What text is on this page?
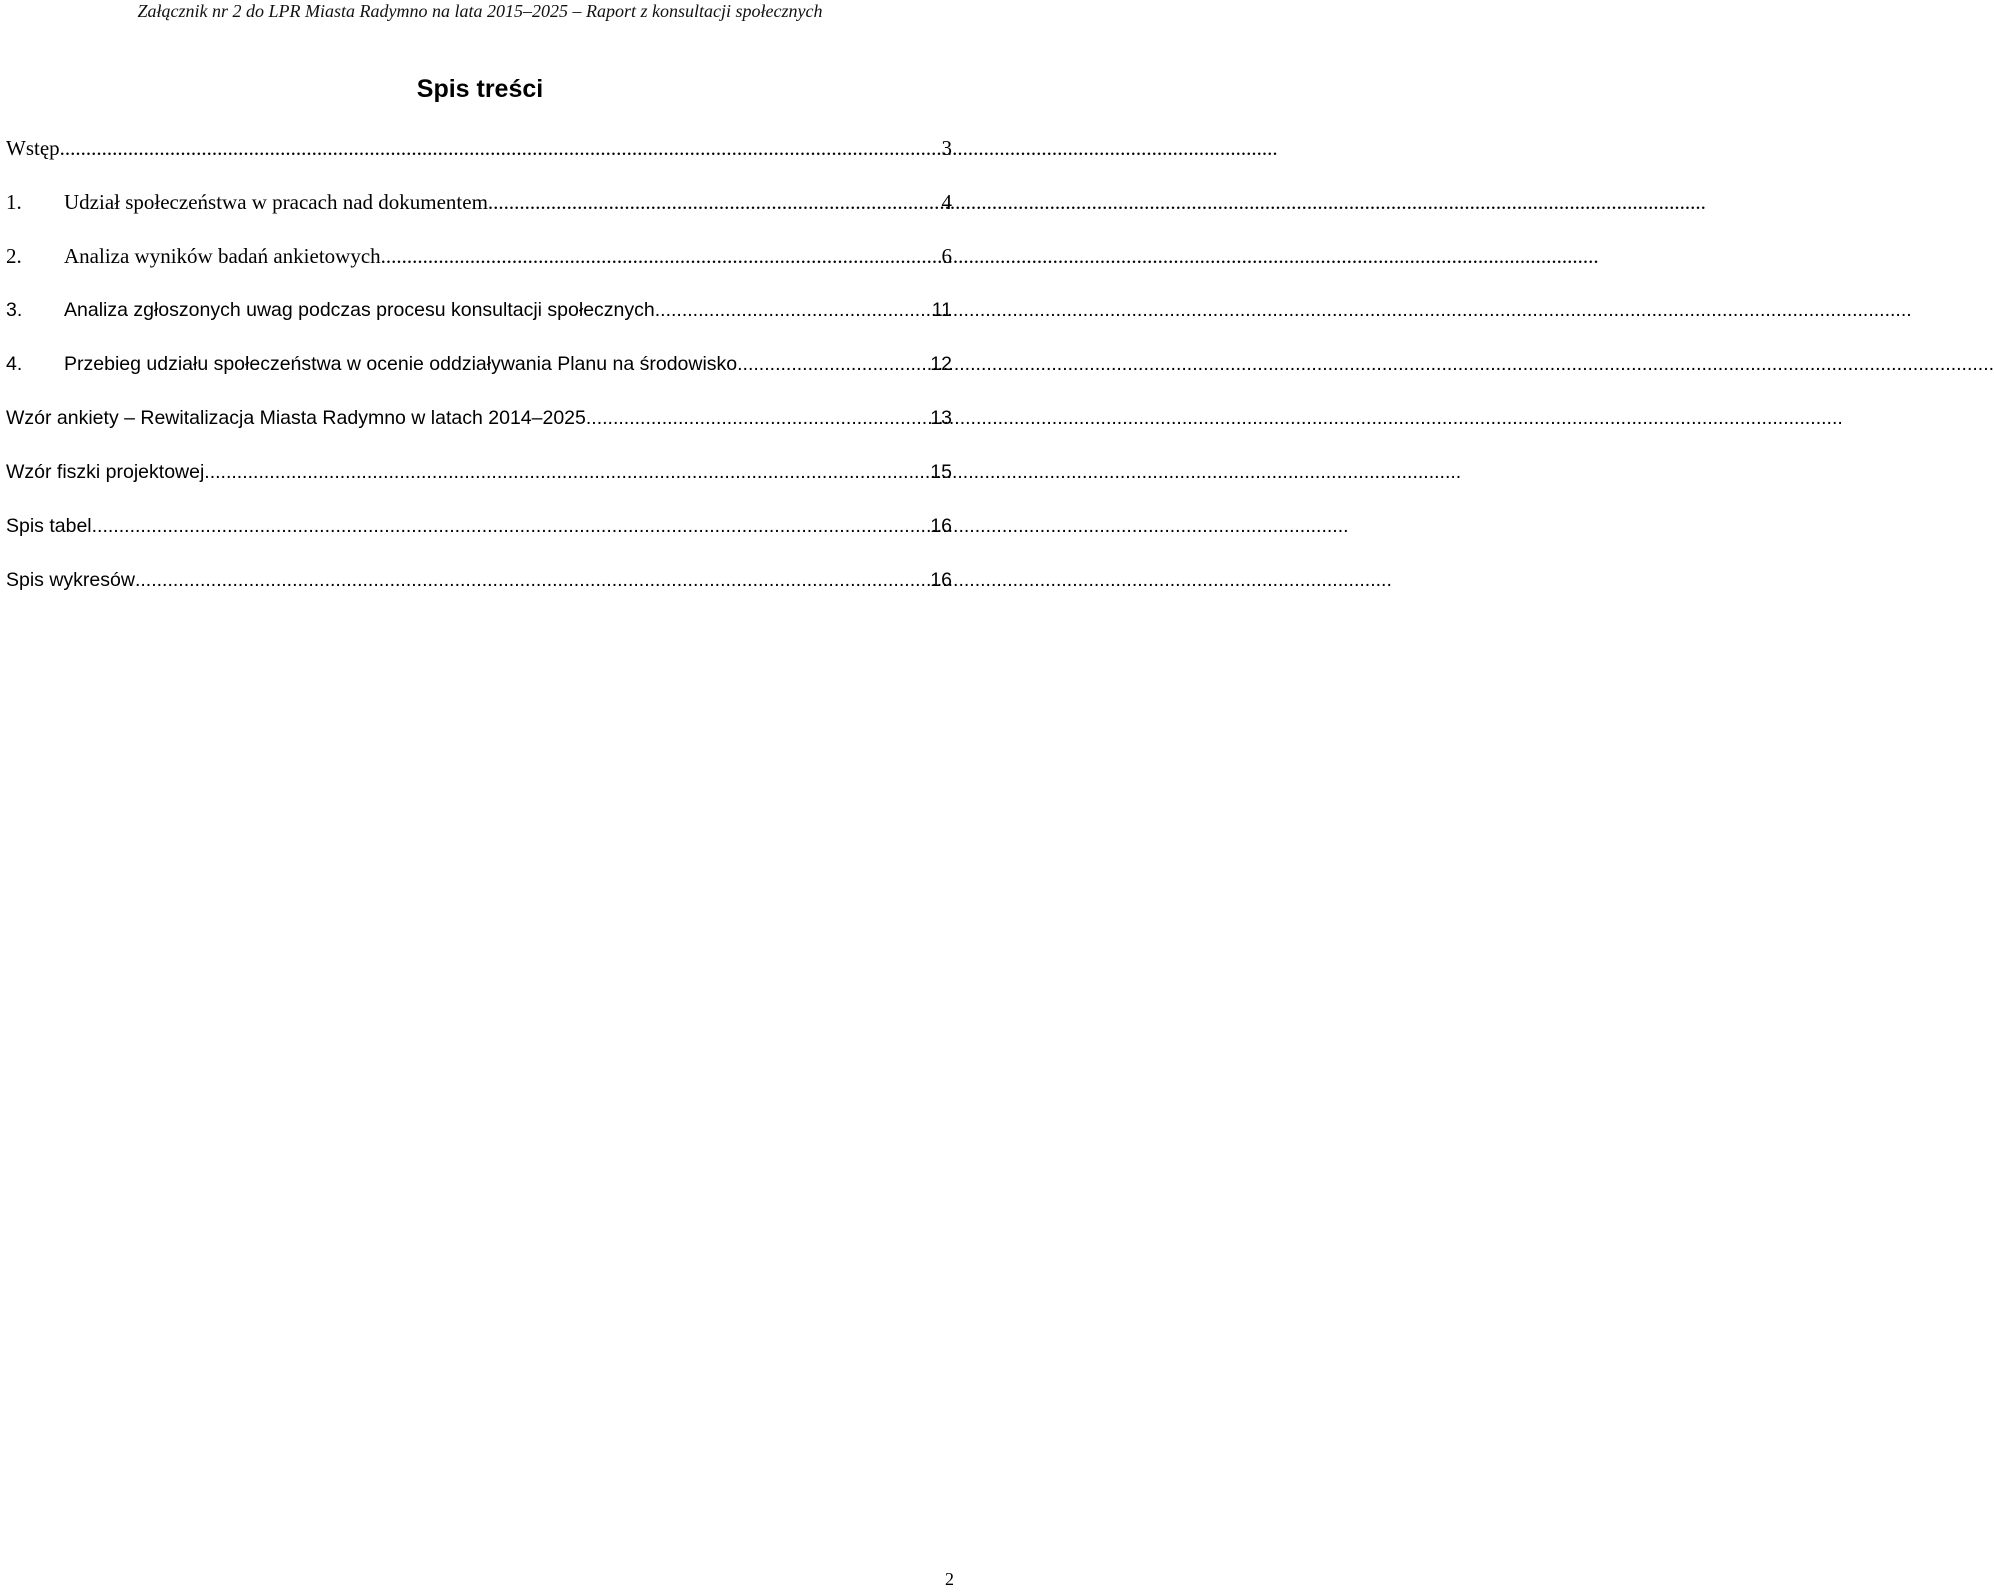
Załącznik nr 2 do LPR Miasta Radymno na lata 2015–2025 – Raport z konsultacji społecznych
Spis treści
Wstęp .....	3
1.	Udział społeczeństwa w pracach nad dokumentem .....	4
2.	Analiza wyników badań ankietowych .....	6
3.	Analiza zgłoszonych uwag podczas procesu konsultacji społecznych .....	11
4.	Przebieg udziału społeczeństwa w ocenie oddziaływania Planu na środowisko .....	12
Wzór ankiety – Rewitalizacja Miasta Radymno w latach 2014–2025 .....	13
Wzór fiszki projektowej .....	15
Spis tabel .....	16
Spis wykresów .....	16
2
